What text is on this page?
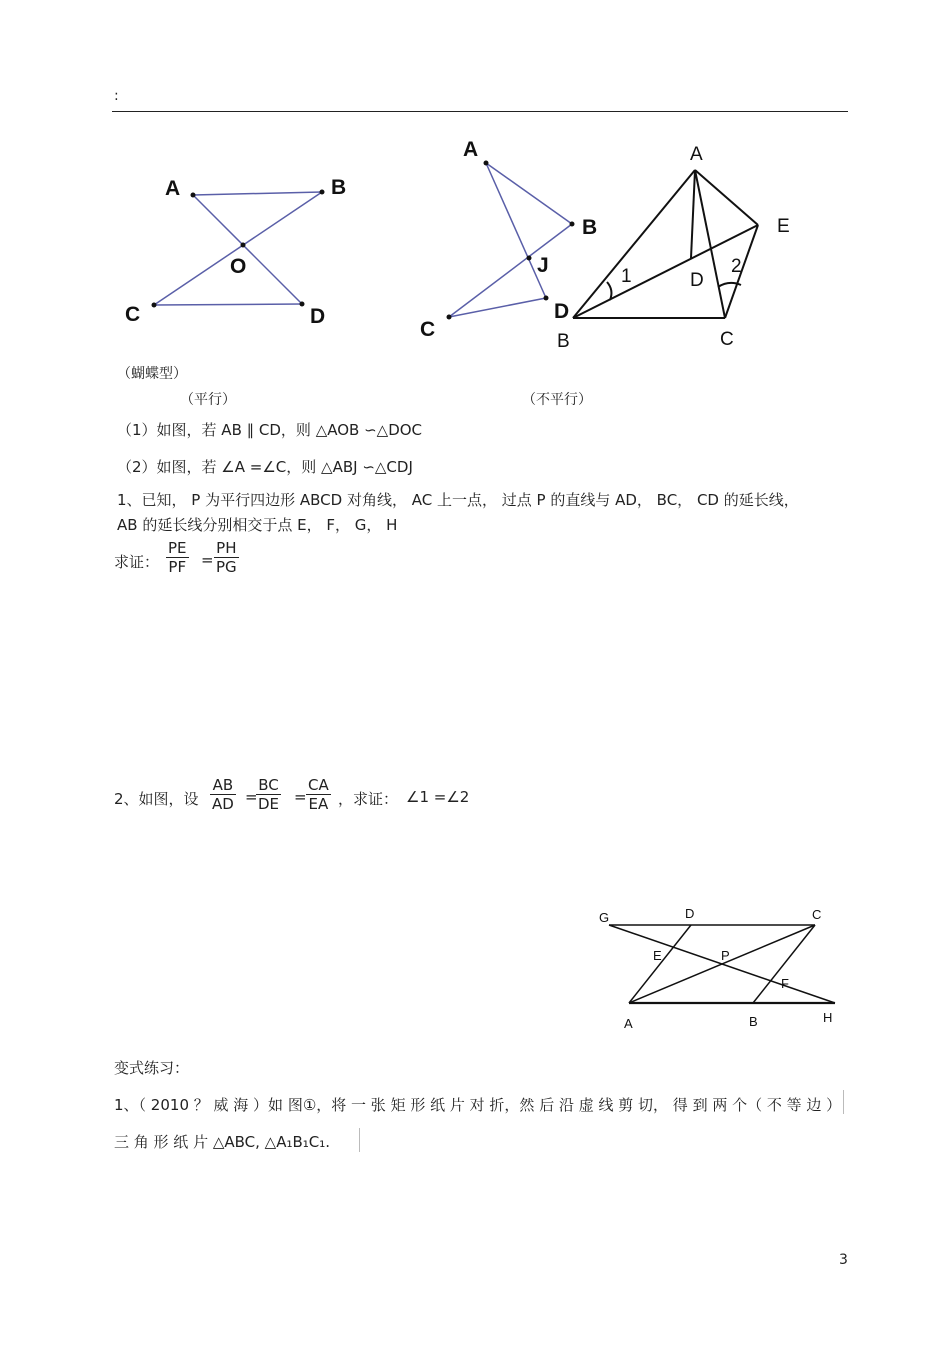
:
A	B
O
C	D
A
B
J
C
D
A
E
1	2
D
B	C
（蝴蝶型）
（平行）	（不平行）
（1）如图，若 AB ∥ CD，则 △AOB ∽△DOC
（2）如图，若 ∠A =∠C，则 △ABJ ∽△CDJ
1、已知， P 为平行四边形 ABCD 对角线， AC 上一点， 过点 P 的直线与 AD， BC， CD 的延长线，
AB 的延长线分别相交于点 E， F， G， H
求证： $\frac{PE}{PF} = \frac{PH}{PG}$
2、如图，设 $\frac{AB}{AD}$ =
$\frac{BC}{DE} = \frac{CA}{EA}$ ，求证： ∠1 =∠2
G	D	C
E	P
F
A	B	H
变式练习：
1、（ 2010 ？ 威 海 ）如 图①，将 一 张 矩 形 纸 片 对 折，然 后 沿 虚 线 剪 切， 得 到 两 个（ 不 等 边 ）
三 角 形 纸 片 △ABC, △A₁B₁C₁.
3
